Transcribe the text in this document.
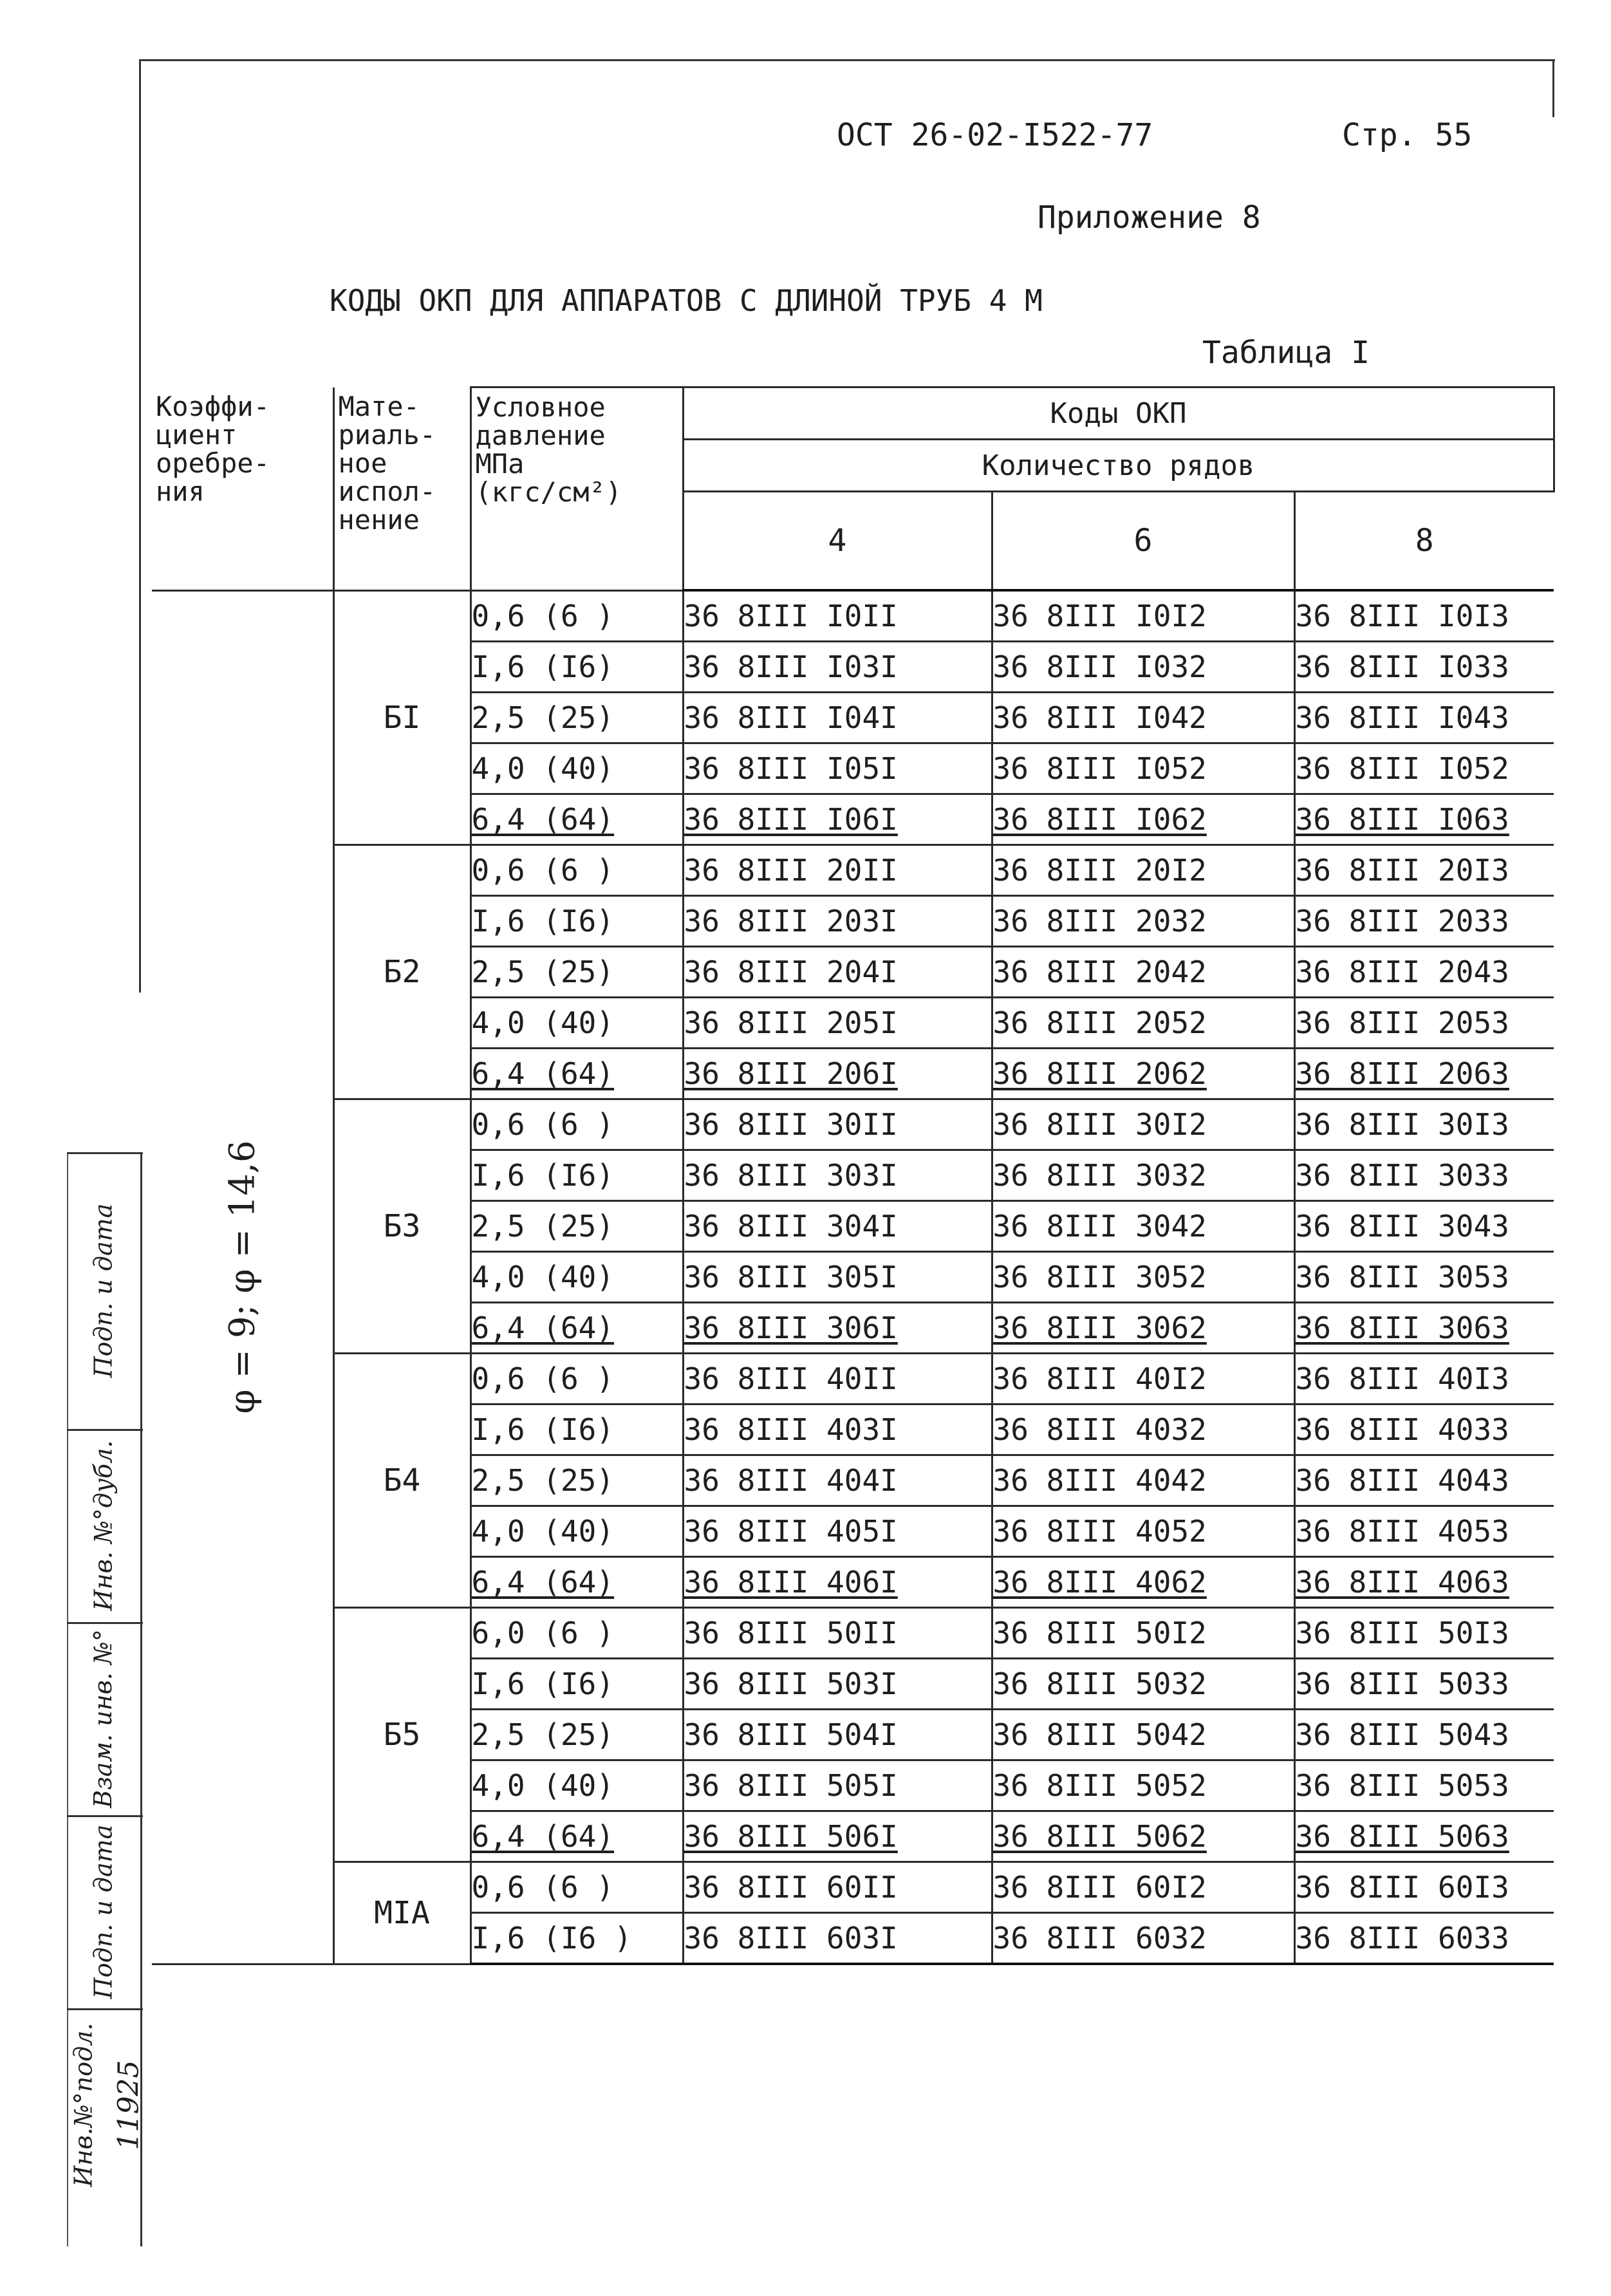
ОСТ 26-02-I522-77	Стр. 55
Приложение 8
КОДЫ ОКП ДЛЯ АППАРАТОВ С ДЛИНОЙ ТРУБ 4 М
Таблица I
Коэффи-
циент
оребре-
ния	Мате-
риаль-
ное
испол-
нение	Условное
давление
МПа
(кгс/см²)	Коды ОКП		
			Количество рядов		
			4	6	8

φ = 9; φ = 14,6	БI	0,6 (6 )	36 8III I0II	36 8III I0I2	36 8III I0I3
		I,6 (I6)	36 8III I03I	36 8III I032	36 8III I033
		2,5 (25)	36 8III I04I	36 8III I042	36 8III I043
		4,0 (40)	36 8III I05I	36 8III I052	36 8III I052
		6,4 (64)	36 8III I06I	36 8III I062	36 8III I063
	Б2	0,6 (6 )	36 8III 20II	36 8III 20I2	36 8III 20I3
		I,6 (I6)	36 8III 203I	36 8III 2032	36 8III 2033
		2,5 (25)	36 8III 204I	36 8III 2042	36 8III 2043
		4,0 (40)	36 8III 205I	36 8III 2052	36 8III 2053
		6,4 (64)	36 8III 206I	36 8III 2062	36 8III 2063
	Б3	0,6 (6 )	36 8III 30II	36 8III 30I2	36 8III 30I3
		I,6 (I6)	36 8III 303I	36 8III 3032	36 8III 3033
		2,5 (25)	36 8III 304I	36 8III 3042	36 8III 3043
		4,0 (40)	36 8III 305I	36 8III 3052	36 8III 3053
		6,4 (64)	36 8III 306I	36 8III 3062	36 8III 3063
	Б4	0,6 (6 )	36 8III 40II	36 8III 40I2	36 8III 40I3
		I,6 (I6)	36 8III 403I	36 8III 4032	36 8III 4033
		2,5 (25)	36 8III 404I	36 8III 4042	36 8III 4043
		4,0 (40)	36 8III 405I	36 8III 4052	36 8III 4053
		6,4 (64)	36 8III 406I	36 8III 4062	36 8III 4063
	Б5	6,0 (6 )	36 8III 50II	36 8III 50I2	36 8III 50I3
		I,6 (I6)	36 8III 503I	36 8III 5032	36 8III 5033
		2,5 (25)	36 8III 504I	36 8III 5042	36 8III 5043
		4,0 (40)	36 8III 505I	36 8III 5052	36 8III 5053
		6,4 (64)	36 8III 506I	36 8III 5062	36 8III 5063
	МIА	0,6 (6 )	36 8III 60II	36 8III 60I2	36 8III 60I3
		I,6 (I6 )	36 8III 603I	36 8III 6032	36 8III 6033
Подп. и дата
Инв. №°дубл.
Взам. инв. №°
Подп. и дата
Инв.№°подл. 11925
